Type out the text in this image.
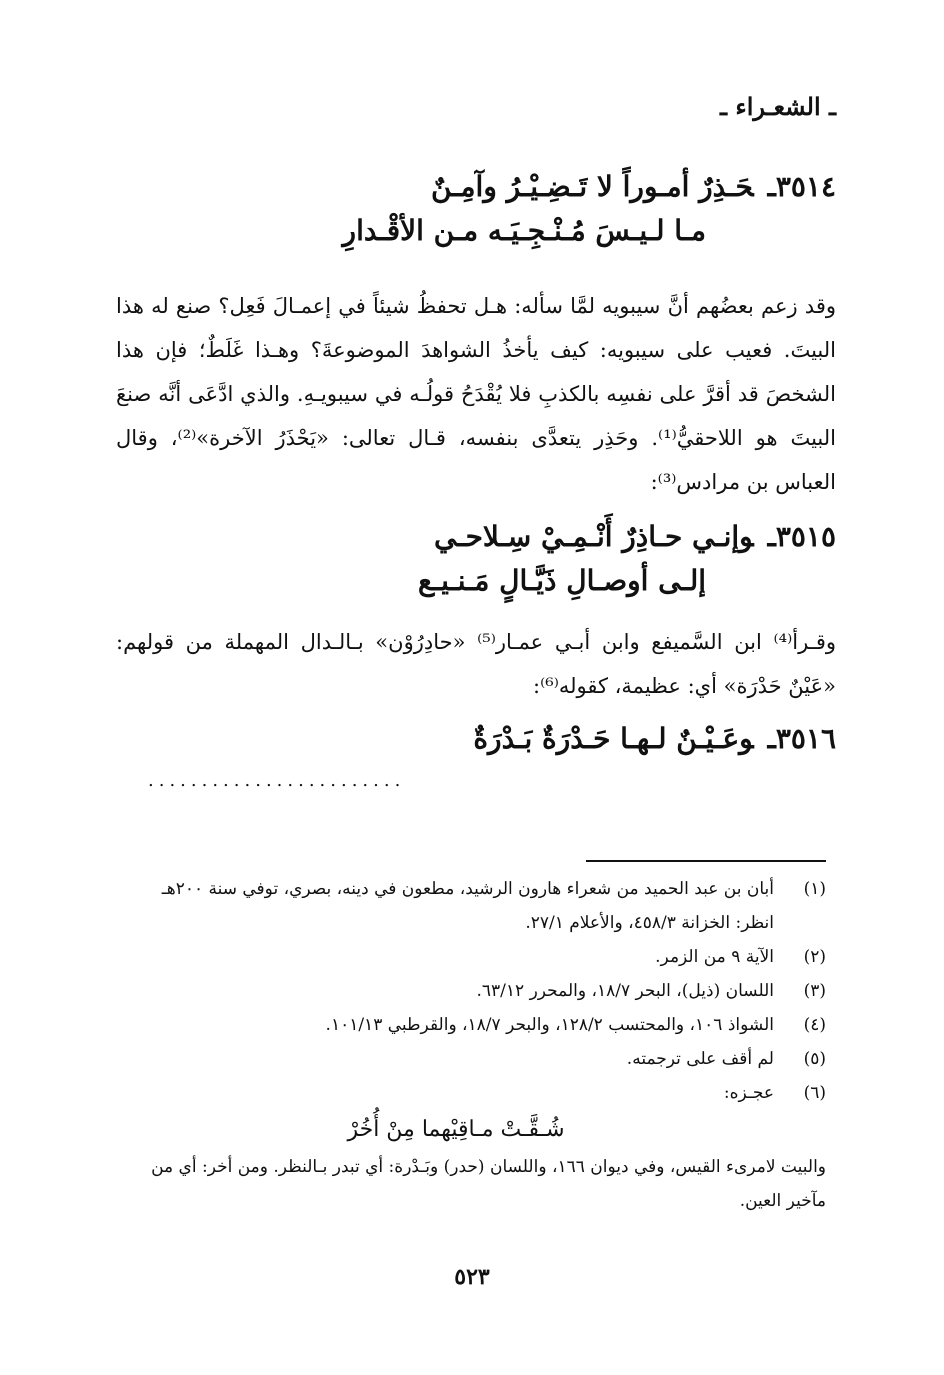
ـ الشعـراء ـ
٣٥١٤ـحَـذِرٌ أمـوراً لا تَـضِـيْـرُ وآمِـنٌ
مـا لـيـسَ مُـنْـجِـيَـه مـن الأقْـدارِ

وقد زعم بعضُهم أنَّ سيبويه لمَّا سأله: هـل تحفظُ شيئاً في إعمـالَ فَعِل؟ صنع له هذا البيتَ. فعيب على سيبويه: كيف يأخذُ الشواهدَ الموضوعةَ؟ وهـذا غَلَطٌ؛ فإن هذا الشخصَ قد أقرَّ على نفسِه بالكذبِ فلا يُقْدَحُ قولُـه في سيبويـهِ. والذي ادَّعَى أنَّه صنعَ البيتَ هو اللاحقيُّ⁽¹⁾. وحَذِر يتعدَّى بنفسه، قـال تعالى: «يَحْذَرُ الآخرة»⁽²⁾، وقال العباس بن مرادس⁽³⁾:

٣٥١٥ـوإنـي حـاذِرٌ أَنْـمِـيْ سِـلاحـي
إلـى أوصـالِ ذَيَّـالٍ مَـنـيـع

وقـرأ⁽⁴⁾ ابن السَّميفع وابن أبـي عمـار⁽⁵⁾ «حادِرُوْن» بـالـدال المهملة من قولهم: «عَيْنٌ حَدْرَة» أي: عظيمة، كقوله⁽⁶⁾:

٣٥١٦ـوعَـيْـنٌ لـهـا حَـدْرَةٌ بَـدْرَةٌ
........................
(١)
أبان بن عبد الحميد من شعراء هارون الرشيد، مطعون في دينه، بصري، توفي سنة ٢٠٠هـ انظر: الخزانة ٤٥٨/٣، والأعلام ٢٧/١.
(٢)
الآية ٩ من الزمر.
(٣)
اللسان (ذيل)، البحر ١٨/٧، والمحرر ٦٣/١٢.
(٤)
الشواذ ١٠٦، والمحتسب ١٢٨/٢، والبحر ١٨/٧، والقرطبي ١٠١/١٣.
(٥)
لم أقف على ترجمته.
(٦)
عجـزه:
شُـقَّـتْ مـاقِيْهما مِنْ أُخُرْ
والبيت لامرىء القيس، وفي ديوان ١٦٦، واللسان (حدر) وبَـدْرة: أي تبدر بـالنظر. ومن أخر: أي من مآخير العين.
٥٢٣
